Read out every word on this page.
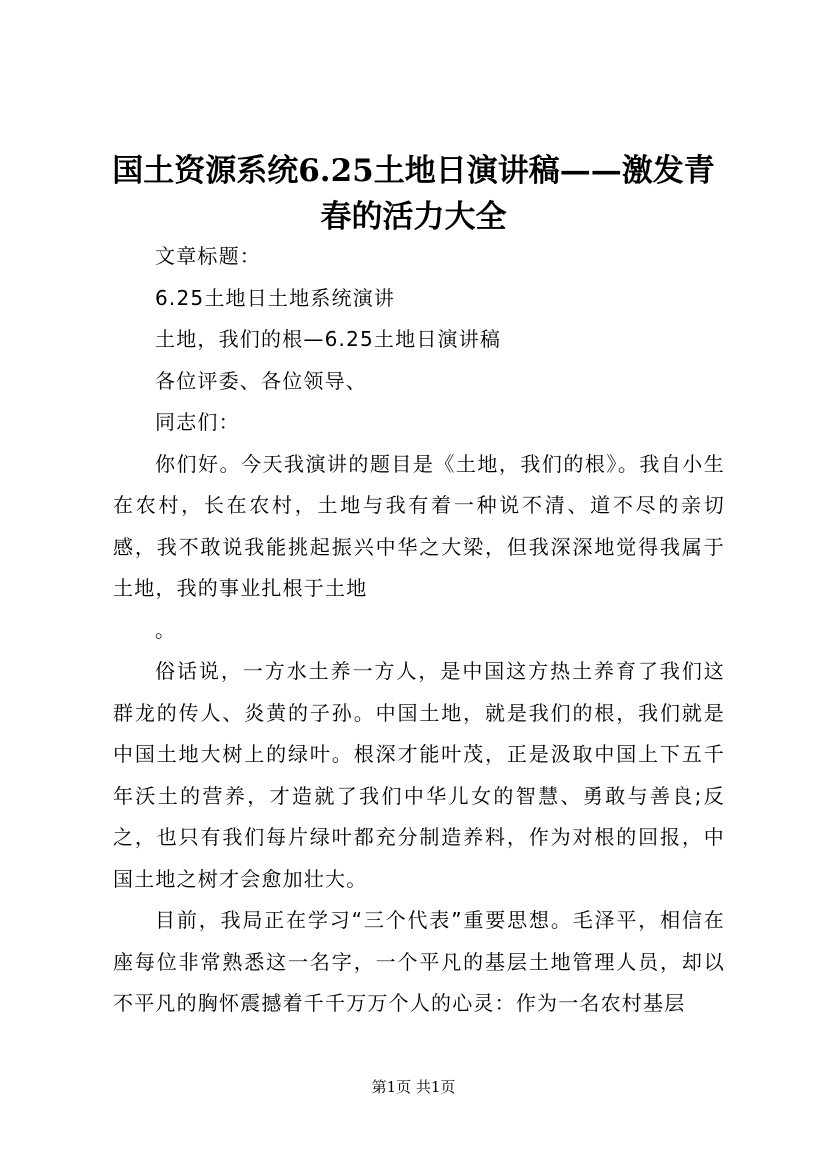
国土资源系统6.25土地日演讲稿——激发青春的活力大全

文章标题：

6.25土地日土地系统演讲

土地，我们的根—6.25土地日演讲稿

各位评委、各位领导、

同志们：

你们好。今天我演讲的题目是《土地，我们的根》。我自小生在农村，长在农村，土地与我有着一种说不清、道不尽的亲切感，我不敢说我能挑起振兴中华之大梁，但我深深地觉得我属于土地，我的事业扎根于土地

。

俗话说，一方水土养一方人，是中国这方热土养育了我们这群龙的传人、炎黄的子孙。中国土地，就是我们的根，我们就是中国土地大树上的绿叶。根深才能叶茂，正是汲取中国上下五千年沃土的营养，才造就了我们中华儿女的智慧、勇敢与善良;反之，也只有我们每片绿叶都充分制造养料，作为对根的回报，中国土地之树才会愈加壮大。

目前，我局正在学习“三个代表”重要思想。毛泽平，相信在座每位非常熟悉这一名字，一个平凡的基层土地管理人员，却以不平凡的胸怀震撼着千千万万个人的心灵：作为一名农村基层

第1页 共1页
